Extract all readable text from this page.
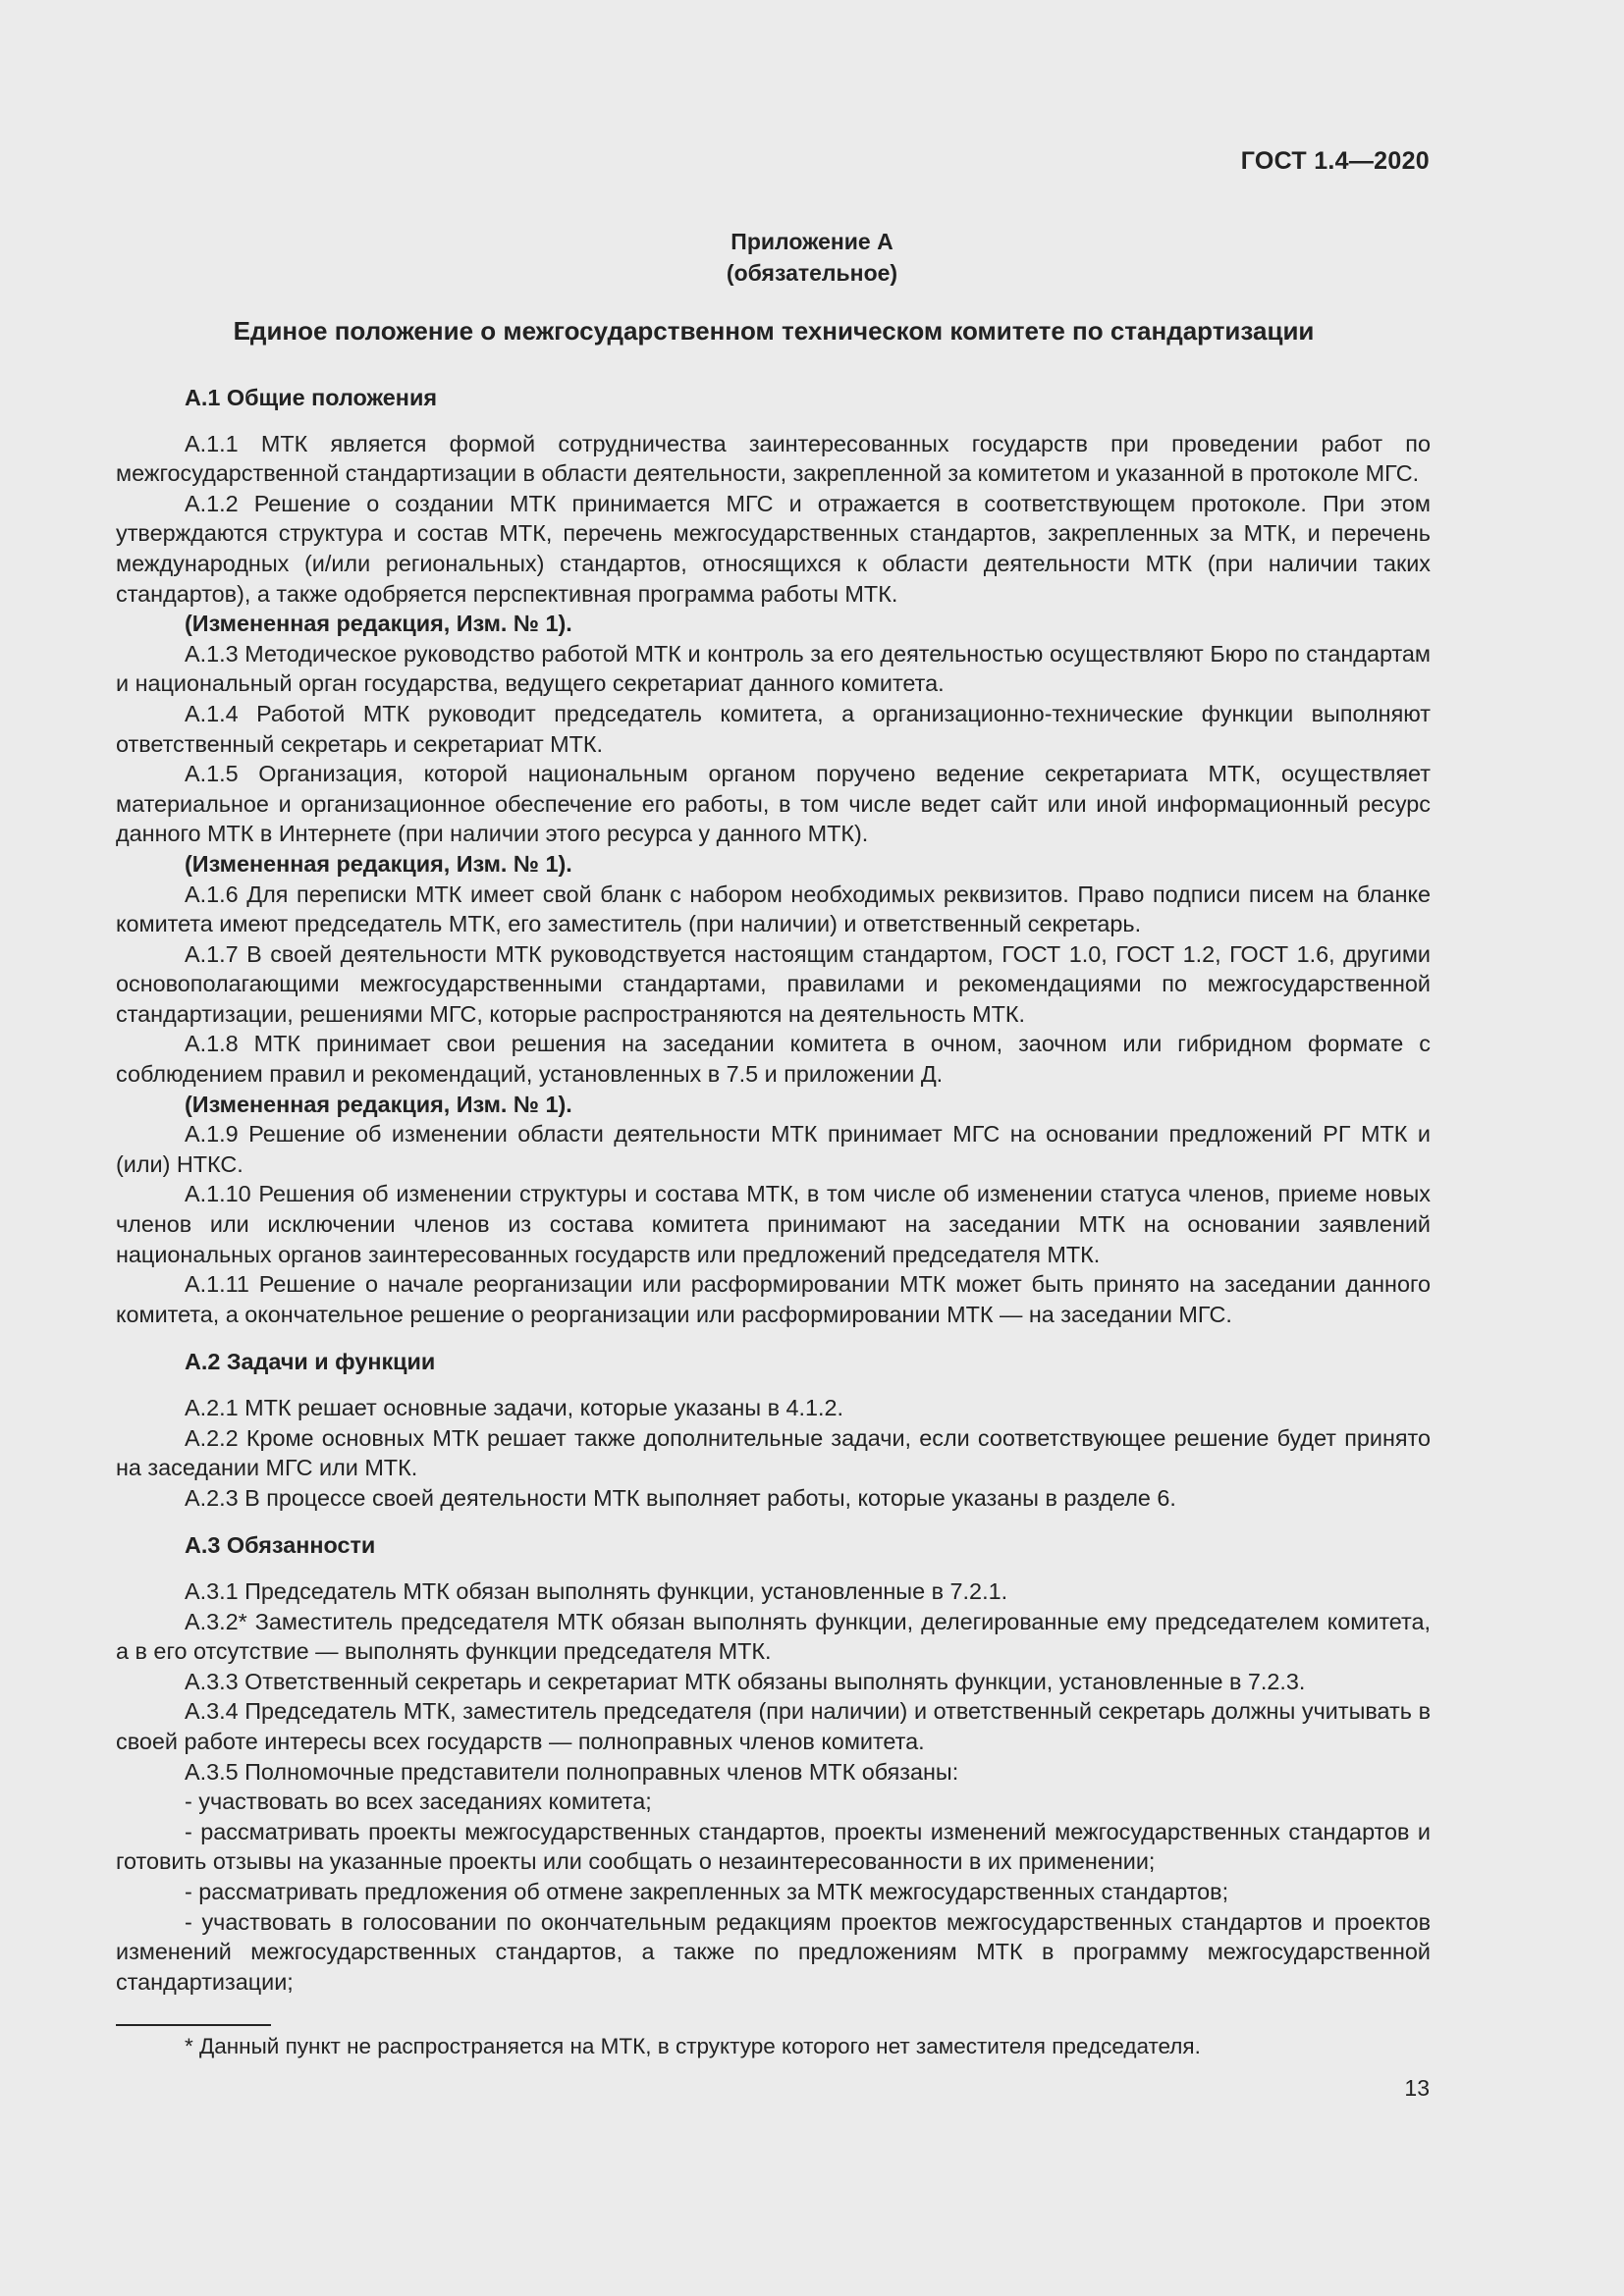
ГОСТ 1.4—2020
Приложение А
(обязательное)
Единое положение о межгосударственном техническом комитете по стандартизации

А.1 Общие положения

А.1.1 МТК является формой сотрудничества заинтересованных государств при проведении работ по межгосударственной стандартизации в области деятельности, закрепленной за комитетом и указанной в протоколе МГС.

А.1.2 Решение о создании МТК принимается МГС и отражается в соответствующем протоколе. При этом утверждаются структура и состав МТК, перечень межгосударственных стандартов, закрепленных за МТК, и перечень международных (и/или региональных) стандартов, относящихся к области деятельности МТК (при наличии таких стандартов), а также одобряется перспективная программа работы МТК.

(Измененная редакция, Изм. № 1).

А.1.3 Методическое руководство работой МТК и контроль за его деятельностью осуществляют Бюро по стандартам и национальный орган государства, ведущего секретариат данного комитета.

А.1.4 Работой МТК руководит председатель комитета, а организационно-технические функции выполняют ответственный секретарь и секретариат МТК.

А.1.5 Организация, которой национальным органом поручено ведение секретариата МТК, осуществляет материальное и организационное обеспечение его работы, в том числе ведет сайт или иной информационный ресурс данного МТК в Интернете (при наличии этого ресурса у данного МТК).

(Измененная редакция, Изм. № 1).

А.1.6 Для переписки МТК имеет свой бланк с набором необходимых реквизитов. Право подписи писем на бланке комитета имеют председатель МТК, его заместитель (при наличии) и ответственный секретарь.

А.1.7 В своей деятельности МТК руководствуется настоящим стандартом, ГОСТ 1.0, ГОСТ 1.2, ГОСТ 1.6, другими основополагающими межгосударственными стандартами, правилами и рекомендациями по межгосударственной стандартизации, решениями МГС, которые распространяются на деятельность МТК.

А.1.8 МТК принимает свои решения на заседании комитета в очном, заочном или гибридном формате с соблюдением правил и рекомендаций, установленных в 7.5 и приложении Д.

(Измененная редакция, Изм. № 1).

А.1.9 Решение об изменении области деятельности МТК принимает МГС на основании предложений РГ МТК и (или) НТКС.

А.1.10 Решения об изменении структуры и состава МТК, в том числе об изменении статуса членов, приеме новых членов или исключении членов из состава комитета принимают на заседании МТК на основании заявлений национальных органов заинтересованных государств или предложений председателя МТК.

А.1.11 Решение о начале реорганизации или расформировании МТК может быть принято на заседании данного комитета, а окончательное решение о реорганизации или расформировании МТК — на заседании МГС.

А.2 Задачи и функции

А.2.1 МТК решает основные задачи, которые указаны в 4.1.2.

А.2.2 Кроме основных МТК решает также дополнительные задачи, если соответствующее решение будет принято на заседании МГС или МТК.

А.2.3 В процессе своей деятельности МТК выполняет работы, которые указаны в разделе 6.

А.3 Обязанности

А.3.1 Председатель МТК обязан выполнять функции, установленные в 7.2.1.

А.3.2* Заместитель председателя МТК обязан выполнять функции, делегированные ему председателем комитета, а в его отсутствие — выполнять функции председателя МТК.

А.3.3 Ответственный секретарь и секретариат МТК обязаны выполнять функции, установленные в 7.2.3.

А.3.4 Председатель МТК, заместитель председателя (при наличии) и ответственный секретарь должны учитывать в своей работе интересы всех государств — полноправных членов комитета.

А.3.5 Полномочные представители полноправных членов МТК обязаны:

- участвовать во всех заседаниях комитета;

- рассматривать проекты межгосударственных стандартов, проекты изменений межгосударственных стандартов и готовить отзывы на указанные проекты или сообщать о незаинтересованности в их применении;

- рассматривать предложения об отмене закрепленных за МТК межгосударственных стандартов;

- участвовать в голосовании по окончательным редакциям проектов межгосударственных стандартов и проектов изменений межгосударственных стандартов, а также по предложениям МТК в программу межгосударственной стандартизации;

* Данный пункт не распространяется на МТК, в структуре которого нет заместителя председателя.
13
